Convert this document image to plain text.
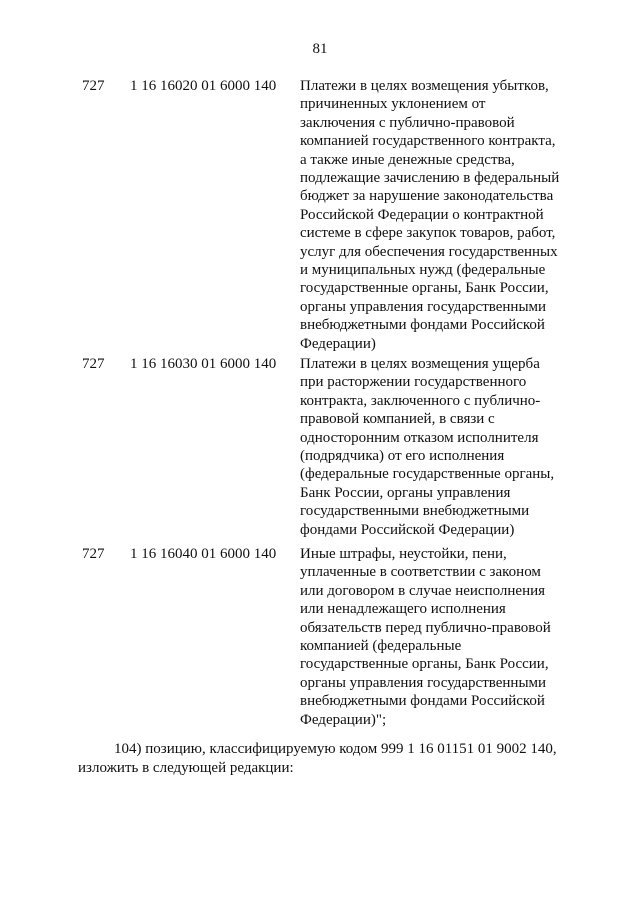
81
727 1 16 16020 01 6000 140 Платежи в целях возмещения убытков,
причиненных уклонением от
заключения с публично-правовой
компанией государственного контракта,
а также иные денежные средства,
подлежащие зачислению в федеральный
бюджет за нарушение законодательства
Российской Федерации о контрактной
системе в сфере закупок товаров, работ,
услуг для обеспечения государственных
и муниципальных нужд (федеральные
государственные органы, Банк России,
органы управления государственными
внебюджетными фондами Российской
Федерации)
727 1 16 16030 01 6000 140 Платежи в целях возмещения ущерба
при расторжении государственного
контракта, заключенного с публично-
правовой компанией, в связи с
односторонним отказом исполнителя
(подрядчика) от его исполнения
(федеральные государственные органы,
Банк России, органы управления
государственными внебюджетными
фондами Российской Федерации)
727 1 16 16040 01 6000 140 Иные штрафы, неустойки, пени,
уплаченные в соответствии с законом
или договором в случае неисполнения
или ненадлежащего исполнения
обязательств перед публично-правовой
компанией (федеральные
государственные органы, Банк России,
органы управления государственными
внебюджетными фондами Российской
Федерации)";
104) позицию, классифицируемую кодом 999 1 16 01151 01 9002 140,
изложить в следующей редакции:
